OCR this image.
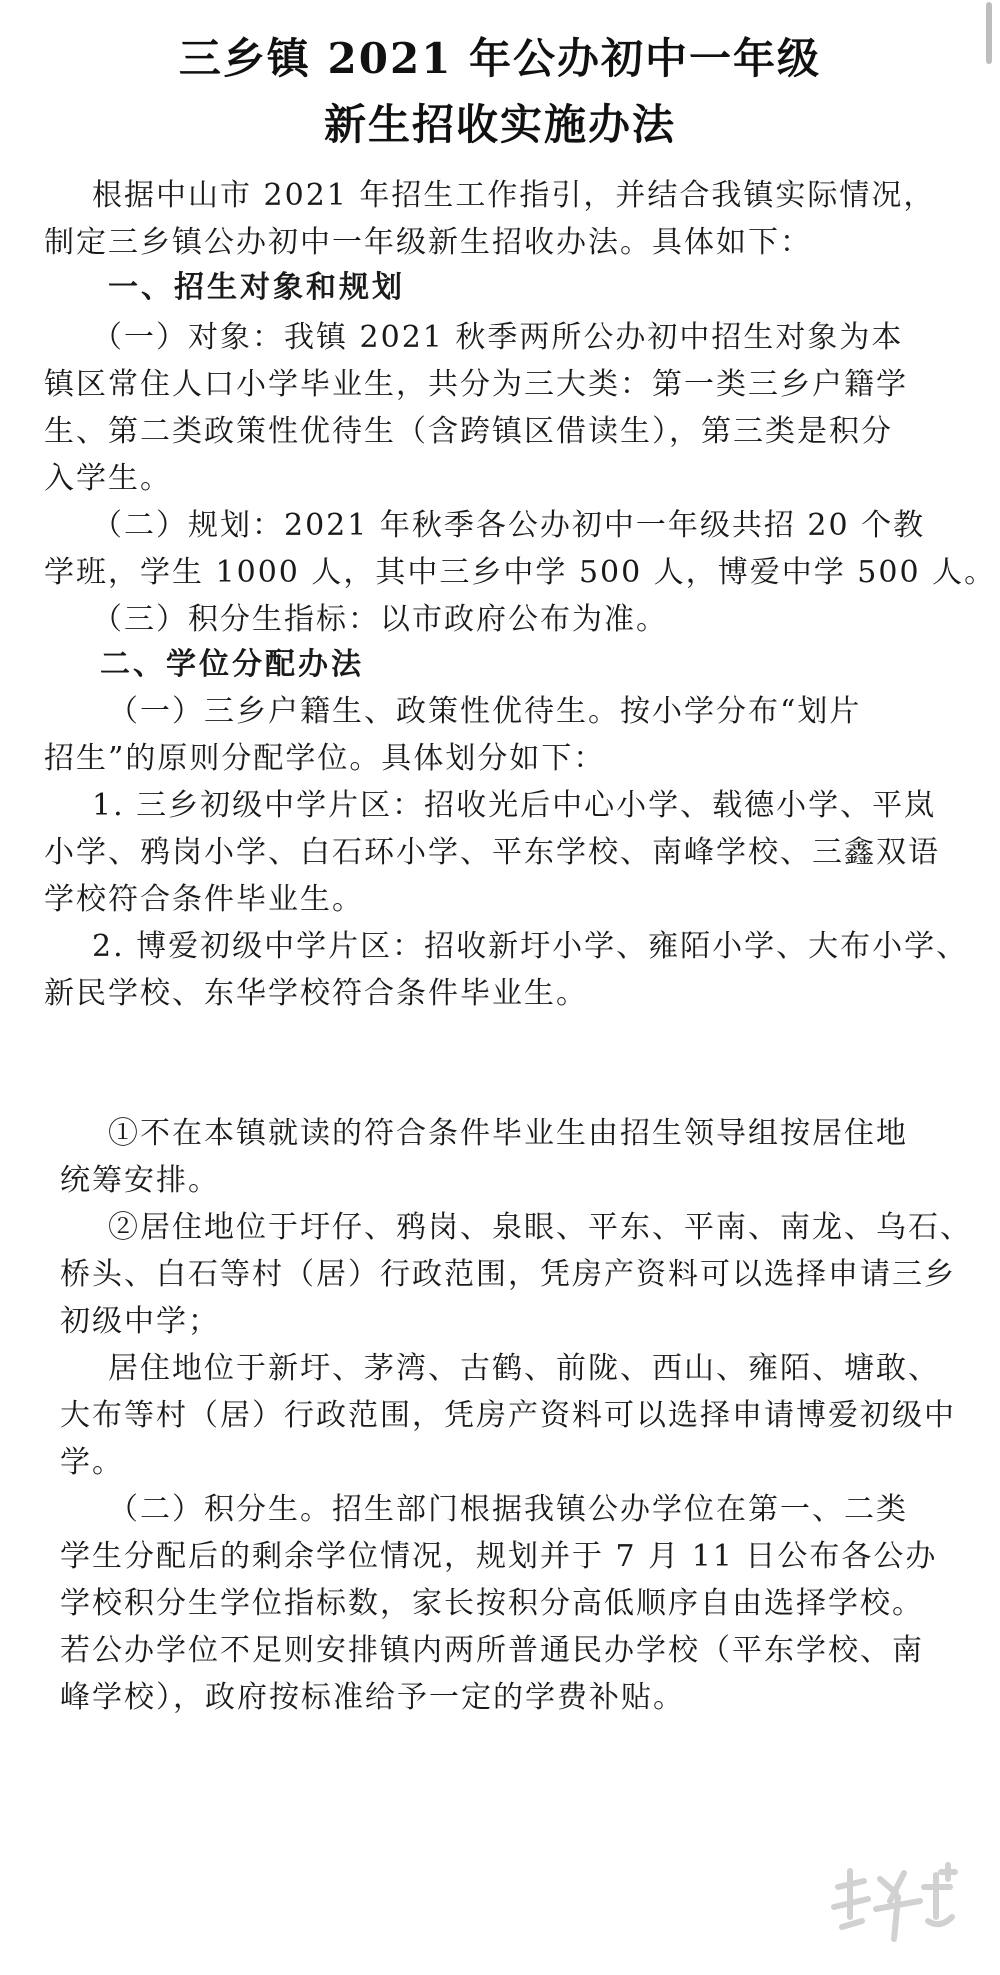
三乡镇 2021 年公办初中一年级
新生招收实施办法
根据中山市 2021 年招生工作指引，并结合我镇实际情况，
制定三乡镇公办初中一年级新生招收办法。具体如下：
一、招生对象和规划
（一）对象：我镇 2021 秋季两所公办初中招生对象为本
镇区常住人口小学毕业生，共分为三大类：第一类三乡户籍学
生、第二类政策性优待生（含跨镇区借读生），第三类是积分
入学生。
（二）规划：2021 年秋季各公办初中一年级共招 20 个教
学班，学生 1000 人，其中三乡中学 500 人，博爱中学 500 人。
（三）积分生指标：以市政府公布为准。
二、学位分配办法
（一）三乡户籍生、政策性优待生。按小学分布“划片
招生”的原则分配学位。具体划分如下：
1. 三乡初级中学片区：招收光后中心小学、载德小学、平岚
小学、鸦岗小学、白石环小学、平东学校、南峰学校、三鑫双语
学校符合条件毕业生。
2. 博爱初级中学片区：招收新圩小学、雍陌小学、大布小学、
新民学校、东华学校符合条件毕业生。
①不在本镇就读的符合条件毕业生由招生领导组按居住地
统筹安排。
②居住地位于圩仔、鸦岗、泉眼、平东、平南、南龙、乌石、
桥头、白石等村（居）行政范围，凭房产资料可以选择申请三乡
初级中学；
居住地位于新圩、茅湾、古鹤、前陇、西山、雍陌、塘敢、
大布等村（居）行政范围，凭房产资料可以选择申请博爱初级中
学。
（二）积分生。招生部门根据我镇公办学位在第一、二类
学生分配后的剩余学位情况，规划并于 7 月 11 日公布各公办
学校积分生学位指标数，家长按积分高低顺序自由选择学校。
若公办学位不足则安排镇内两所普通民办学校（平东学校、南
峰学校），政府按标准给予一定的学费补贴。
